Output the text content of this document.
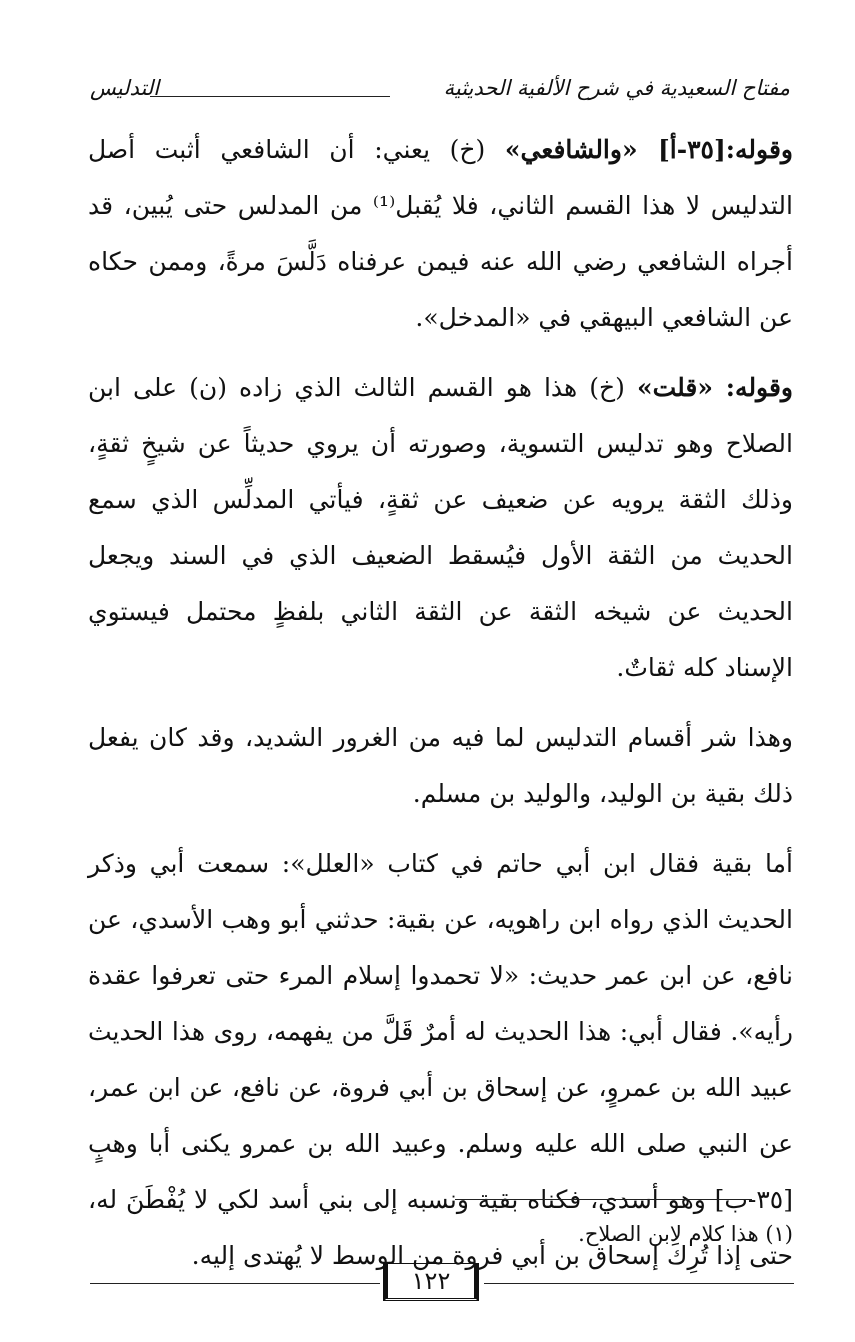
مفتاح السعيدية في شرح الألفية الحديثية
التدليس

وقوله:[٣٥-أ] «والشافعي» (خ) يعني: أن الشافعي أثبت أصل التدليس لا هذا القسم الثاني، فلا يُقبل⁽¹⁾ من المدلس حتى يُبين، قد أجراه الشافعي رضي الله عنه فيمن عرفناه دَلَّسَ مرةً، وممن حكاه عن الشافعي البيهقي في «المدخل».

وقوله: «قلت» (خ) هذا هو القسم الثالث الذي زاده (ن) على ابن الصلاح وهو تدليس التسوية، وصورته أن يروي حديثاً عن شيخٍ ثقةٍ، وذلك الثقة يرويه عن ضعيف عن ثقةٍ، فيأتي المدلِّس الذي سمع الحديث من الثقة الأول فيُسقط الضعيف الذي في السند ويجعل الحديث عن شيخه الثقة عن الثقة الثاني بلفظٍ محتمل فيستوي الإسناد كله ثقاتٌ.

وهذا شر أقسام التدليس لما فيه من الغرور الشديد، وقد كان يفعل ذلك بقية بن الوليد، والوليد بن مسلم.

أما بقية فقال ابن أبي حاتم في كتاب «العلل»: سمعت أبي وذكر الحديث الذي رواه ابن راهويه، عن بقية: حدثني أبو وهب الأسدي، عن نافع، عن ابن عمر حديث: «لا تحمدوا إسلام المرء حتى تعرفوا عقدة رأيه». فقال أبي: هذا الحديث له أمرٌ قَلَّ من يفهمه، روى هذا الحديث عبيد الله بن عمروٍ، عن إسحاق بن أبي فروة، عن نافع، عن ابن عمر، عن النبي صلى الله عليه وسلم. وعبيد الله بن عمرو يكنى أبا وهبٍ [٣٥-ب] وهو أسدي، فكناه بقية ونسبه إلى بني أسد لكي لا يُفْطَنَ له، حتى إذا تُرِكَ إسحاق بن أبي فروة من الوسط لا يُهتدى إليه.

(١) هذا كلام لابن الصلاح.
١٢٢
